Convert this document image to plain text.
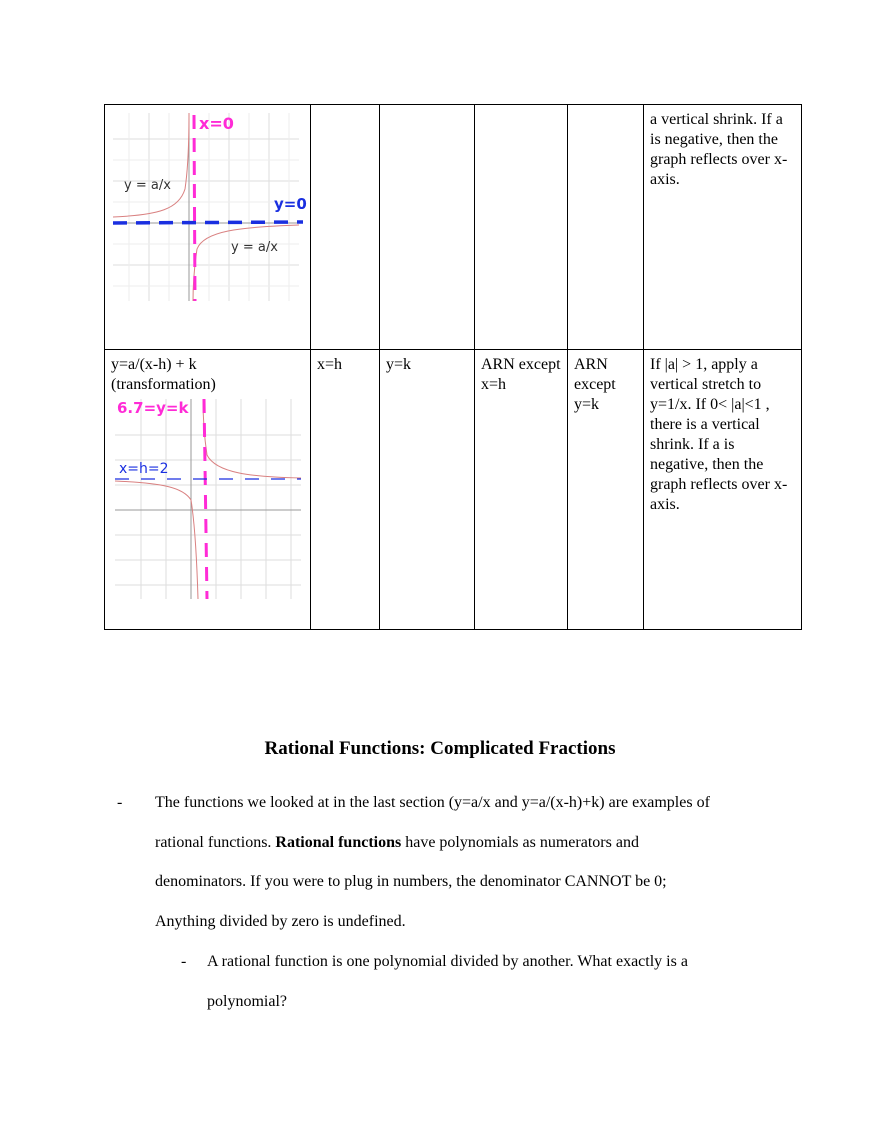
x=0
y=0
y = a/x
y = a/x					a vertical shrink. If a is negative, then the graph reflects over x-axis.

y=a/(x-h) + k
(transformation)
6.7=y=k
x=h=2	x=h	y=k	ARN except x=h	ARN except y=k	If |a| > 1, apply a vertical stretch to y=1/x. If 0< |a|<1 , there is a vertical shrink. If a is negative, then the graph reflects over x-axis.
Rational Functions: Complicated Fractions
- The functions we looked at in the last section (y=a/x and y=a/(x-h)+k) are examples of rational functions. Rational functions have polynomials as numerators and denominators. If you were to plug in numbers, the denominator CANNOT be 0; Anything divided by zero is undefined.
- A rational function is one polynomial divided by another. What exactly is a polynomial?
